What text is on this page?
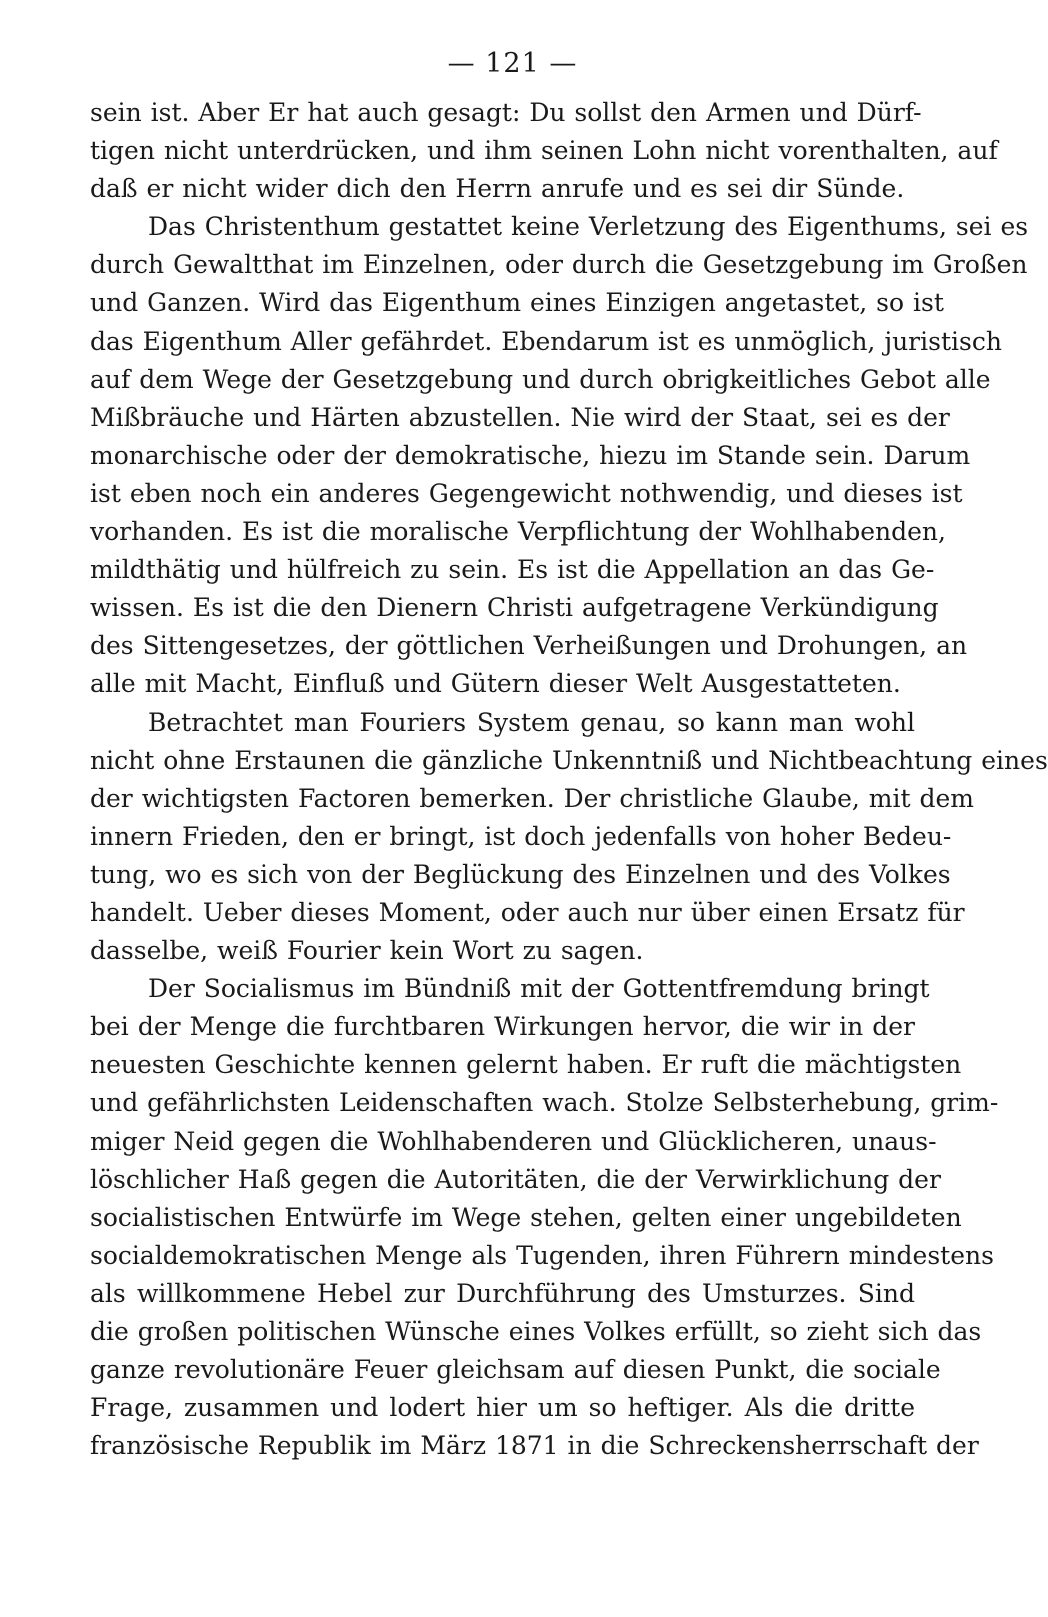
— 121 —
sein ist. Aber Er hat auch gesagt: Du sollst den Armen und Dürf-
tigen nicht unterdrücken, und ihm seinen Lohn nicht vorenthalten, auf
daß er nicht wider dich den Herrn anrufe und es sei dir Sünde.
Das Christenthum gestattet keine Verletzung des Eigenthums, sei es
durch Gewaltthat im Einzelnen, oder durch die Gesetzgebung im Großen
und Ganzen. Wird das Eigenthum eines Einzigen angetastet, so ist
das Eigenthum Aller gefährdet. Ebendarum ist es unmöglich, juristisch
auf dem Wege der Gesetzgebung und durch obrigkeitliches Gebot alle
Mißbräuche und Härten abzustellen. Nie wird der Staat, sei es der
monarchische oder der demokratische, hiezu im Stande sein. Darum
ist eben noch ein anderes Gegengewicht nothwendig, und dieses ist
vorhanden. Es ist die moralische Verpflichtung der Wohlhabenden,
mildthätig und hülfreich zu sein. Es ist die Appellation an das Ge-
wissen. Es ist die den Dienern Christi aufgetragene Verkündigung
des Sittengesetzes, der göttlichen Verheißungen und Drohungen, an
alle mit Macht, Einfluß und Gütern dieser Welt Ausgestatteten.
Betrachtet man Fouriers System genau, so kann man wohl
nicht ohne Erstaunen die gänzliche Unkenntniß und Nichtbeachtung eines
der wichtigsten Factoren bemerken. Der christliche Glaube, mit dem
innern Frieden, den er bringt, ist doch jedenfalls von hoher Bedeu-
tung, wo es sich von der Beglückung des Einzelnen und des Volkes
handelt. Ueber dieses Moment, oder auch nur über einen Ersatz für
dasselbe, weiß Fourier kein Wort zu sagen.
Der Socialismus im Bündniß mit der Gottentfremdung bringt
bei der Menge die furchtbaren Wirkungen hervor, die wir in der
neuesten Geschichte kennen gelernt haben. Er ruft die mächtigsten
und gefährlichsten Leidenschaften wach. Stolze Selbsterhebung, grim-
miger Neid gegen die Wohlhabenderen und Glücklicheren, unaus-
löschlicher Haß gegen die Autoritäten, die der Verwirklichung der
socialistischen Entwürfe im Wege stehen, gelten einer ungebildeten
socialdemokratischen Menge als Tugenden, ihren Führern mindestens
als willkommene Hebel zur Durchführung des Umsturzes. Sind
die großen politischen Wünsche eines Volkes erfüllt, so zieht sich das
ganze revolutionäre Feuer gleichsam auf diesen Punkt, die sociale
Frage, zusammen und lodert hier um so heftiger. Als die dritte
französische Republik im März 1871 in die Schreckensherrschaft der
